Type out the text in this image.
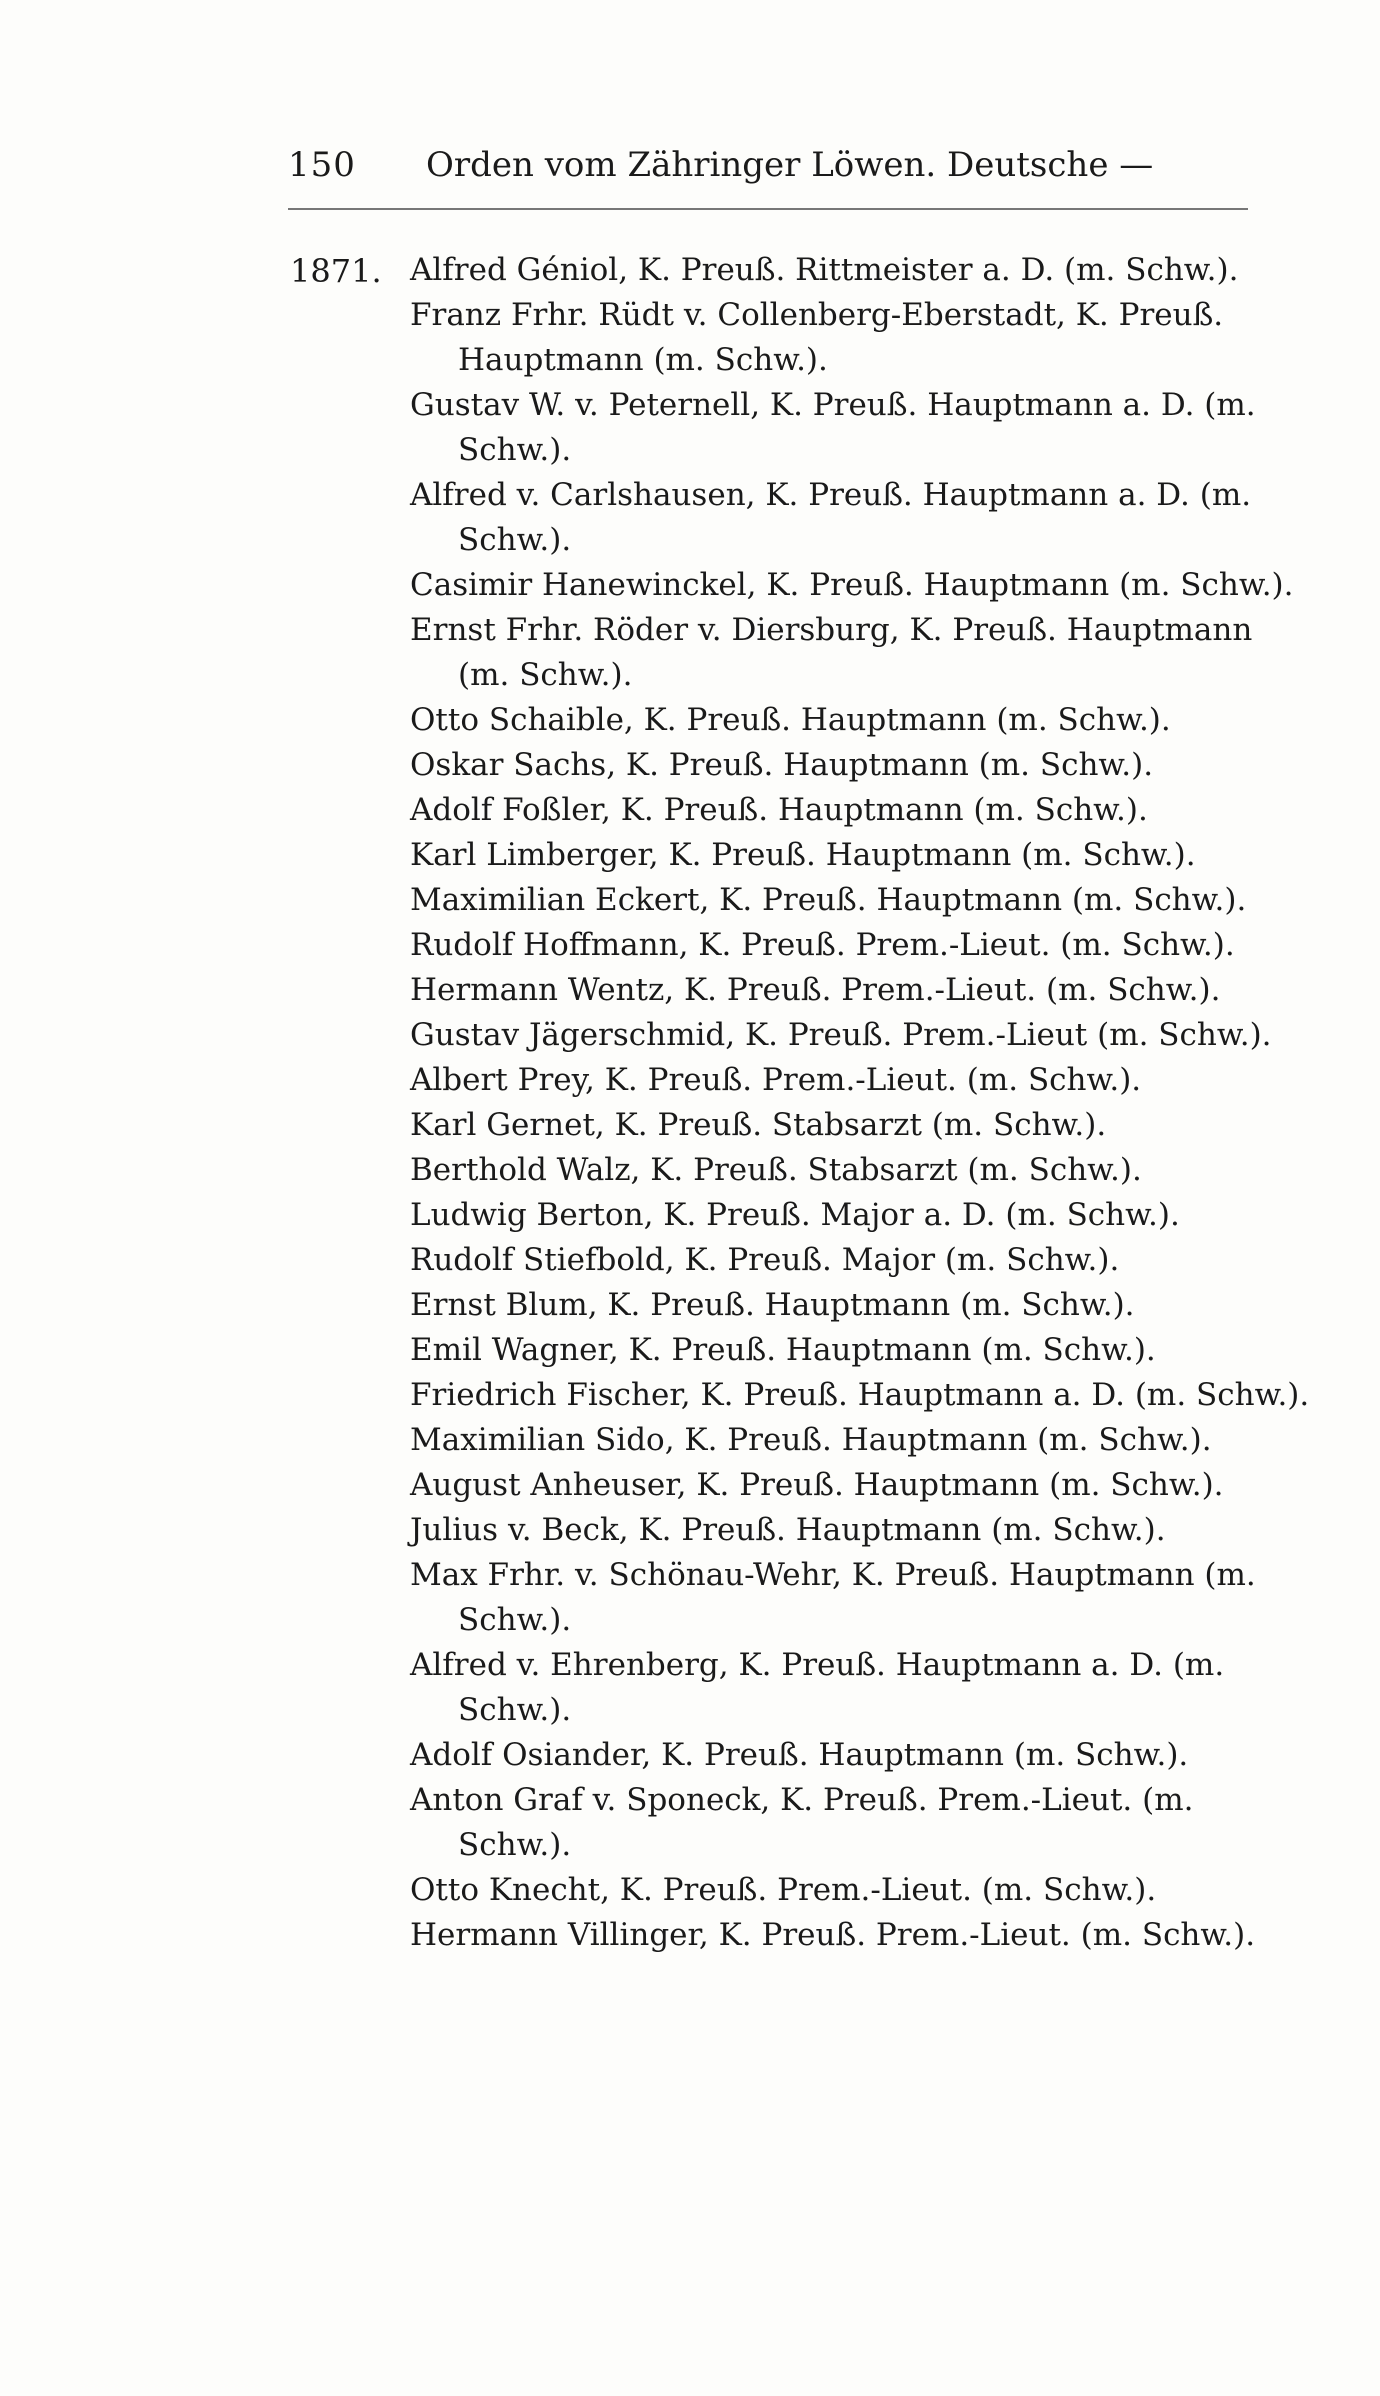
150 Orden vom Zähringer Löwen. Deutsche —
1871. Alfred Géniol, K. Preuß. Rittmeister a. D. (m. Schw.).
Franz Frhr. Rüdt v. Collenberg-Eberstadt, K. Preuß. Hauptmann (m. Schw.).
Gustav W. v. Peternell, K. Preuß. Hauptmann a. D. (m. Schw.).
Alfred v. Carlshausen, K. Preuß. Hauptmann a. D. (m. Schw.).
Casimir Hanewinckel, K. Preuß. Hauptmann (m. Schw.).
Ernst Frhr. Röder v. Diersburg, K. Preuß. Hauptmann (m. Schw.).
Otto Schaible, K. Preuß. Hauptmann (m. Schw.).
Oskar Sachs, K. Preuß. Hauptmann (m. Schw.).
Adolf Foßler, K. Preuß. Hauptmann (m. Schw.).
Karl Limberger, K. Preuß. Hauptmann (m. Schw.).
Maximilian Eckert, K. Preuß. Hauptmann (m. Schw.).
Rudolf Hoffmann, K. Preuß. Prem.-Lieut. (m. Schw.).
Hermann Wentz, K. Preuß. Prem.-Lieut. (m. Schw.).
Gustav Jägerschmid, K. Preuß. Prem.-Lieut (m. Schw.).
Albert Prey, K. Preuß. Prem.-Lieut. (m. Schw.).
Karl Gernet, K. Preuß. Stabsarzt (m. Schw.).
Berthold Walz, K. Preuß. Stabsarzt (m. Schw.).
Ludwig Berton, K. Preuß. Major a. D. (m. Schw.).
Rudolf Stiefbold, K. Preuß. Major (m. Schw.).
Ernst Blum, K. Preuß. Hauptmann (m. Schw.).
Emil Wagner, K. Preuß. Hauptmann (m. Schw.).
Friedrich Fischer, K. Preuß. Hauptmann a. D. (m. Schw.).
Maximilian Sido, K. Preuß. Hauptmann (m. Schw.).
August Anheuser, K. Preuß. Hauptmann (m. Schw.).
Julius v. Beck, K. Preuß. Hauptmann (m. Schw.).
Max Frhr. v. Schönau-Wehr, K. Preuß. Hauptmann (m. Schw.).
Alfred v. Ehrenberg, K. Preuß. Hauptmann a. D. (m. Schw.).
Adolf Osiander, K. Preuß. Hauptmann (m. Schw.).
Anton Graf v. Sponeck, K. Preuß. Prem.-Lieut. (m. Schw.).
Otto Knecht, K. Preuß. Prem.-Lieut. (m. Schw.).
Hermann Villinger, K. Preuß. Prem.-Lieut. (m. Schw.).
